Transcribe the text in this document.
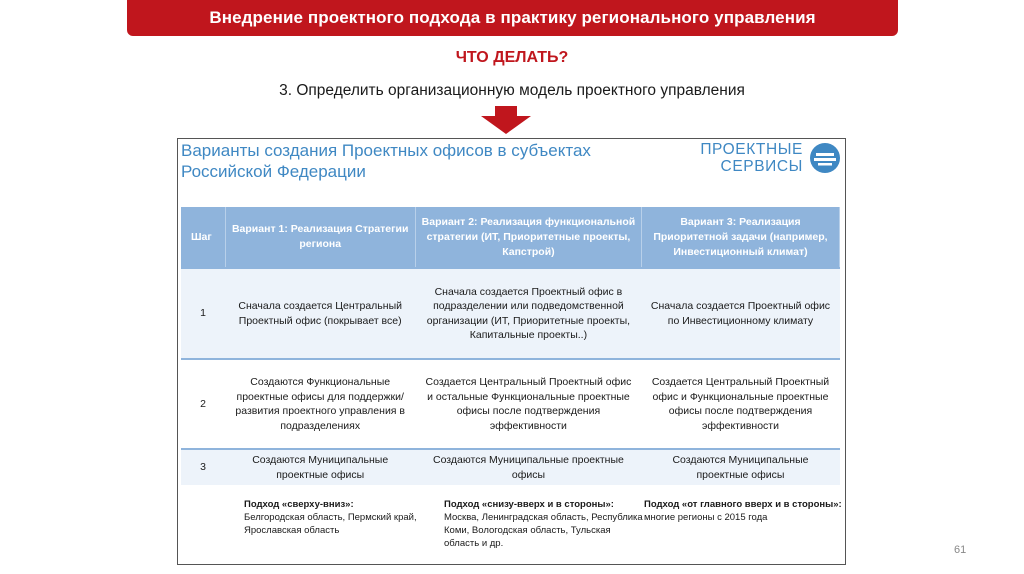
Внедрение проектного подхода в практику регионального управления
ЧТО ДЕЛАТЬ?
3. Определить организационную модель проектного управления
Варианты создания Проектных офисов в субъектах
Российской Федерации
ПРОЕКТНЫЕ
СЕРВИСЫ
Шаг	Вариант 1: Реализация Стратегии региона	Вариант 2: Реализация функциональной стратегии (ИТ, Приоритетные проекты, Капстрой)	Вариант 3: Реализация Приоритетной задачи (например, Инвестиционный климат)
1	Сначала создается Центральный Проектный офис (покрывает все)	Сначала создается Проектный офис в подразделении или подведомственной организации (ИТ, Приоритетные проекты, Капитальные проекты..)	Сначала создается Проектный офис по Инвестиционному климату
2	Создаются Функциональные проектные офисы для поддержки/развития проектного управления в подразделениях	Создается Центральный Проектный офис и остальные Функциональные проектные офисы после подтверждения эффективности	Создается Центральный Проектный офис и Функциональные проектные офисы после подтверждения эффективности
3	Создаются Муниципальные проектные офисы	Создаются Муниципальные проектные офисы	Создаются Муниципальные проектные офисы
Подход «сверху-вниз»:
Белгородская область, Пермский край, Ярославская область
Подход «снизу-вверх и в стороны»: Москва, Ленинградская область, Республика Коми, Вологодская область, Тульская область и др.
Подход «от главного вверх и в стороны»: многие регионы с 2015 года
61
